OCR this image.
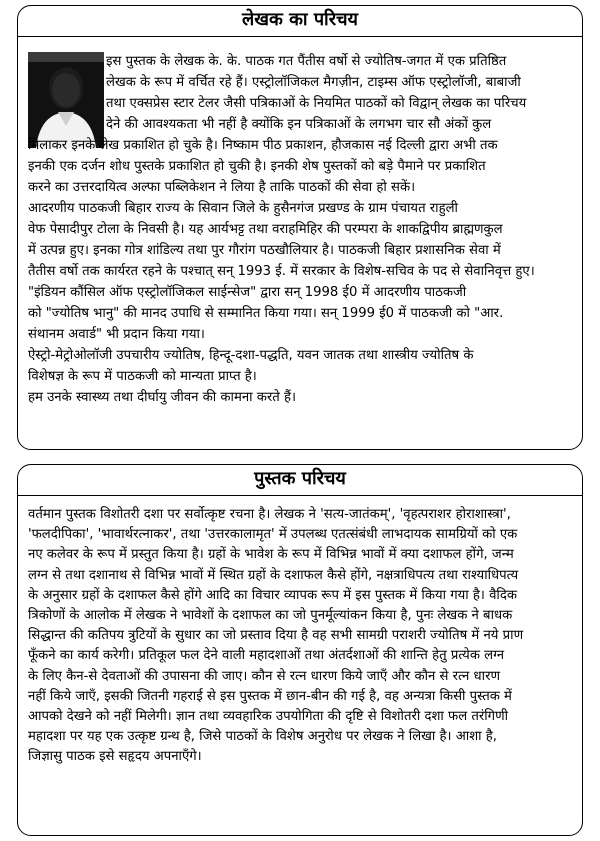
लेखक का परिचय
इस पुस्तक के लेखक के. के. पाठक गत पैंतीस वर्षो से ज्योतिष-जगत में एक प्रतिष्ठित
लेखक के रूप में वर्चित रहे हैं। एस्ट्रोलॉजिकल मैगज़ीन, टाइम्स ऑफ एस्ट्रोलॉजी, बाबाजी
तथा एक्सप्रेस स्टार टेलर जैसी पत्रिकाओं के नियमित पाठकों को विद्वान् लेखक का परिचय
देने की आवश्यकता भी नहीं है क्योंकि इन पत्रिकाओं के लगभग चार सौ अंकों कुल
मिलाकर इनके लेख प्रकाशित हो चुके है। निष्काम पीठ प्रकाशन, हौजकास नई दिल्ली द्वारा अभी तक
इनकी एक दर्जन शोध पुस्तके प्रकाशित हो चुकी है। इनकी शेष पुस्तकों को बड़े पैमाने पर प्रकाशित
करने का उत्तरदायित्व अल्फा पब्लिकेशन ने लिया है ताकि पाठकों की सेवा हो सकें।
आदरणीय पाठकजी बिहार राज्य के सिवान जिले के हुसैनगंज प्रखण्ड के ग्राम पंचायत राहुली
वेफ पेसादीपुर टोला के निवसी है। यह आर्यभट्ट तथा वराहमिहिर की परम्परा के शाकद्विपीय ब्राह्मणकुल
में उत्पन्न हुए। इनका गोत्र शांडिल्य तथा पुर गौरांग पठखौलियार है। पाठकजी बिहार प्रशासनिक सेवा में
तैतीस वर्षो तक कार्यरत रहने के पश्चात् सन् 1993 ई. में सरकार के विशेष-सचिव के पद से सेवानिवृत्त हुए।
"इंडियन कौंसिल ऑफ एस्ट्रोलॉजिकल साईन्सेज" द्वारा सन् 1998 ई0 में आदरणीय पाठकजी
को "ज्योतिष भानु" की मानद उपाधि से सम्मानित किया गया। सन् 1999 ई0 में पाठकजी को "आर.
संथानम अवार्ड" भी प्रदान किया गया।
ऐस्ट्रो-मेट्रोओलॉजी उपचारीय ज्योतिष, हिन्दू-दशा-पद्धति, यवन जातक तथा शास्त्रीय ज्योतिष के
विशेषज्ञ के रूप में पाठकजी को मान्यता प्राप्त है।
हम उनके स्वास्थ्य तथा दीर्घायु जीवन की कामना करते हैं।
पुस्तक परिचय
वर्तमान पुस्तक विशोतरी दशा पर सर्वोत्कृष्ट रचना है। लेखक ने 'सत्य-जातंकम्', 'वृहत्पराशर होराशास्त्रा',
'फलदीपिका', 'भावार्थरत्नाकर', तथा 'उत्तरकालामृत' में उपलब्ध एतत्संबंधी लाभदायक सामग्रियों को एक
नए कलेवर के रूप में प्रस्तुत किया है। ग्रहों के भावेश के रूप में विभिन्न भावों में क्या दशाफल होंगे, जन्म
लग्न से तथा दशानाथ से विभिन्न भावों में स्थित ग्रहों के दशाफल कैसे होंगे, नक्षत्राधिपत्य तथा राश्याधिपत्य
के अनुसार ग्रहों के दशाफल कैसे होंगे आदि का विचार व्यापक रूप में इस पुस्तक में किया गया है। वैदिक
त्रिकोणों के आलोक में लेखक ने भावेशों के दशाफल का जो पुनर्मूल्यांकन किया है, पुनः लेखक ने बाधक
सिद्धान्त की कतिपय त्रुटियों के सुधार का जो प्रस्ताव दिया है वह सभी सामग्री पराशरी ज्योतिष में नये प्राण
फूँकने का कार्य करेगी। प्रतिकूल फल देने वाली महादशाओं तथा अंतर्दशाओं की शान्ति हेतु प्रत्येक लग्न
के लिए कैन-से देवताओं की उपासना की जाए। कौन से रत्न धारण किये जाएँ और कौन से रत्न धारण
नहीं किये जाएँ, इसकी जितनी गहराई से इस पुस्तक में छान-बीन की गई है, वह अन्यत्रा किसी पुस्तक में
आपको देखने को नहीं मिलेगी। ज्ञान तथा व्यवहारिक उपयोगिता की दृष्टि से विशोतरी दशा फल तरंगिणी
महादशा पर यह एक उत्कृष्ट ग्रन्थ है, जिसे पाठकों के विशेष अनुरोध पर लेखक ने लिखा है। आशा है,
जिज्ञासु पाठक इसे सहृदय अपनाएँगे।
